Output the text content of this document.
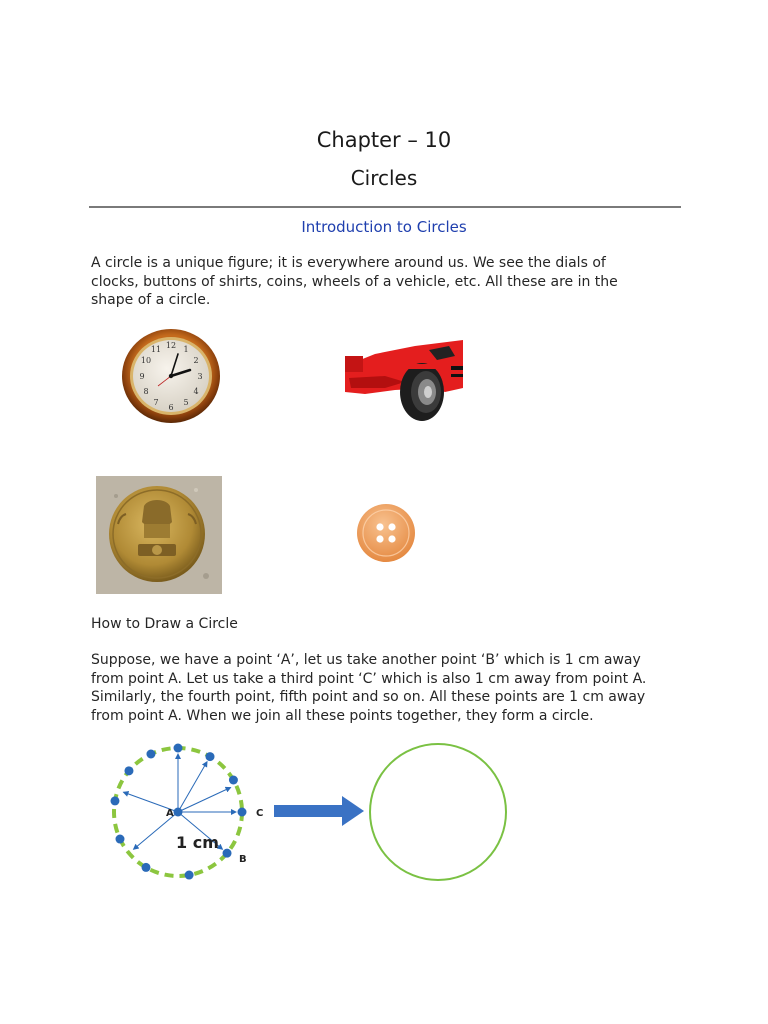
Chapter – 10
Circles
Introduction to Circles
A circle is a unique figure; it is everywhere around us. We see the dials of
clocks, buttons of shirts, coins, wheels of a vehicle, etc. All these are in the
shape of a circle.
12 1
2
3
4
5
6
7
8
9
10
11
How to Draw a Circle
Suppose, we have a point ‘A’, let us take another point ‘B’ which is 1 cm away
from point A. Let us take a third point ‘C’ which is also 1 cm away from point A.
Similarly, the fourth point, fifth point and so on. All these points are 1 cm away
from point A. When we join all these points together, they form a circle.
A	C
B
1 cm
